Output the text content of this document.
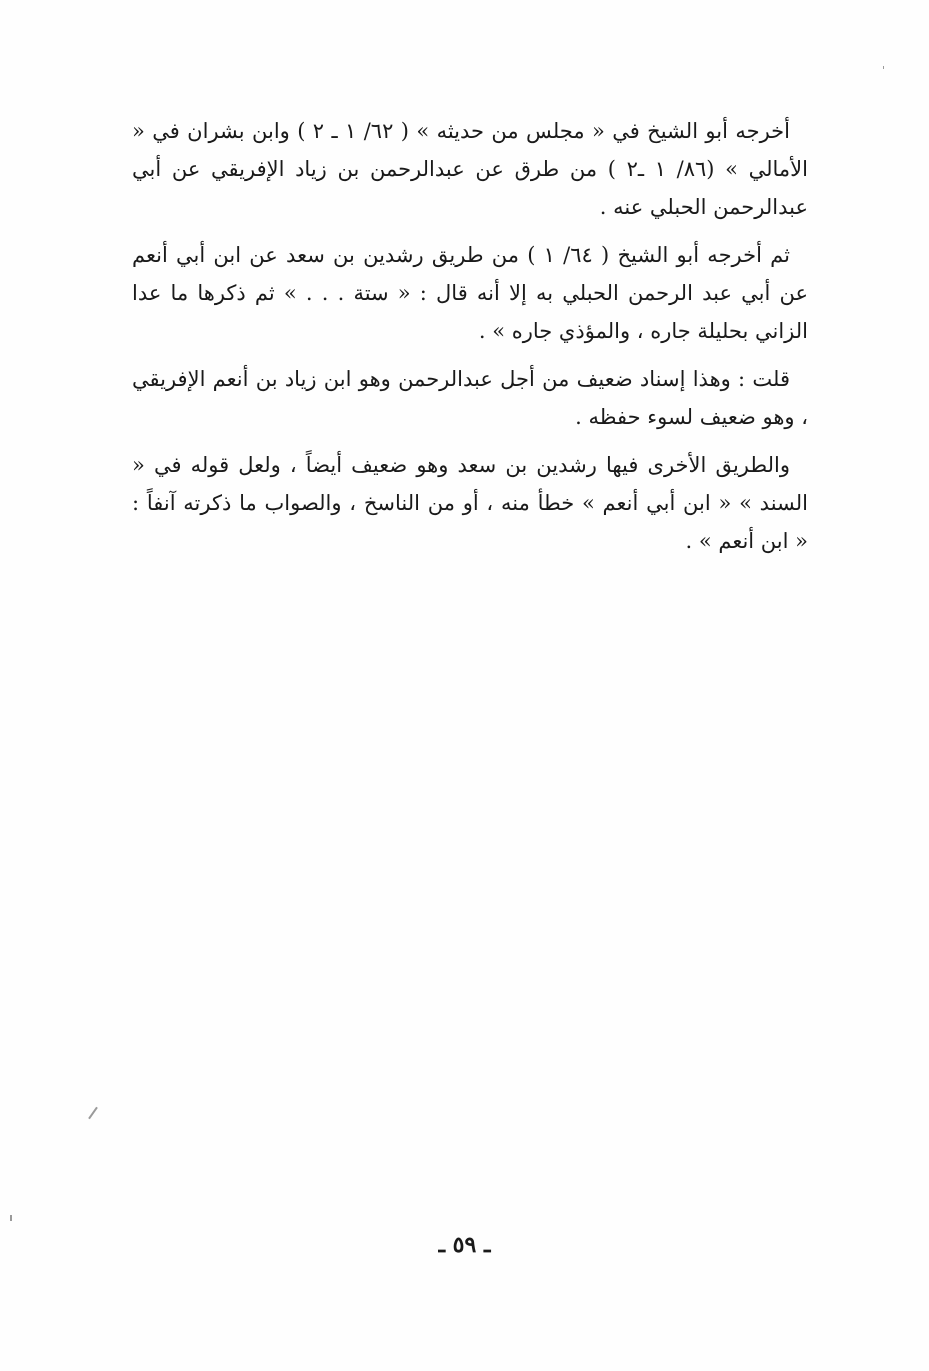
أخرجه أبو الشيخ في « مجلس من حديثه » ( ٦٢/ ١ ـ ٢ ) وابن بشران في « الأمالي » (٨٦/ ١ ـ٢ ) من طرق عن عبدالرحمن بن زياد الإفريقي عن أبي عبدالرحمن الحبلي عنه .

ثم أخرجه أبو الشيخ ( ٦٤/ ١ ) من طريق رشدين بن سعد عن ابن أبي أنعم عن أبي عبد الرحمن الحبلي به إلا أنه قال : « ستة . . . » ثم ذكرها ما عدا الزاني بحليلة جاره ، والمؤذي جاره » .

قلت : وهذا إسناد ضعيف من أجل عبدالرحمن وهو ابن زياد بن أنعم الإفريقي ، وهو ضعيف لسوء حفظه .

والطريق الأخرى فيها رشدين بن سعد وهو ضعيف أيضاً ، ولعل قوله في « السند » « ابن أبي أنعم » خطأ منه ، أو من الناسخ ، والصواب ما ذكرته آنفاً : « ابن أنعم » .

ـ ٥٩ ـ
